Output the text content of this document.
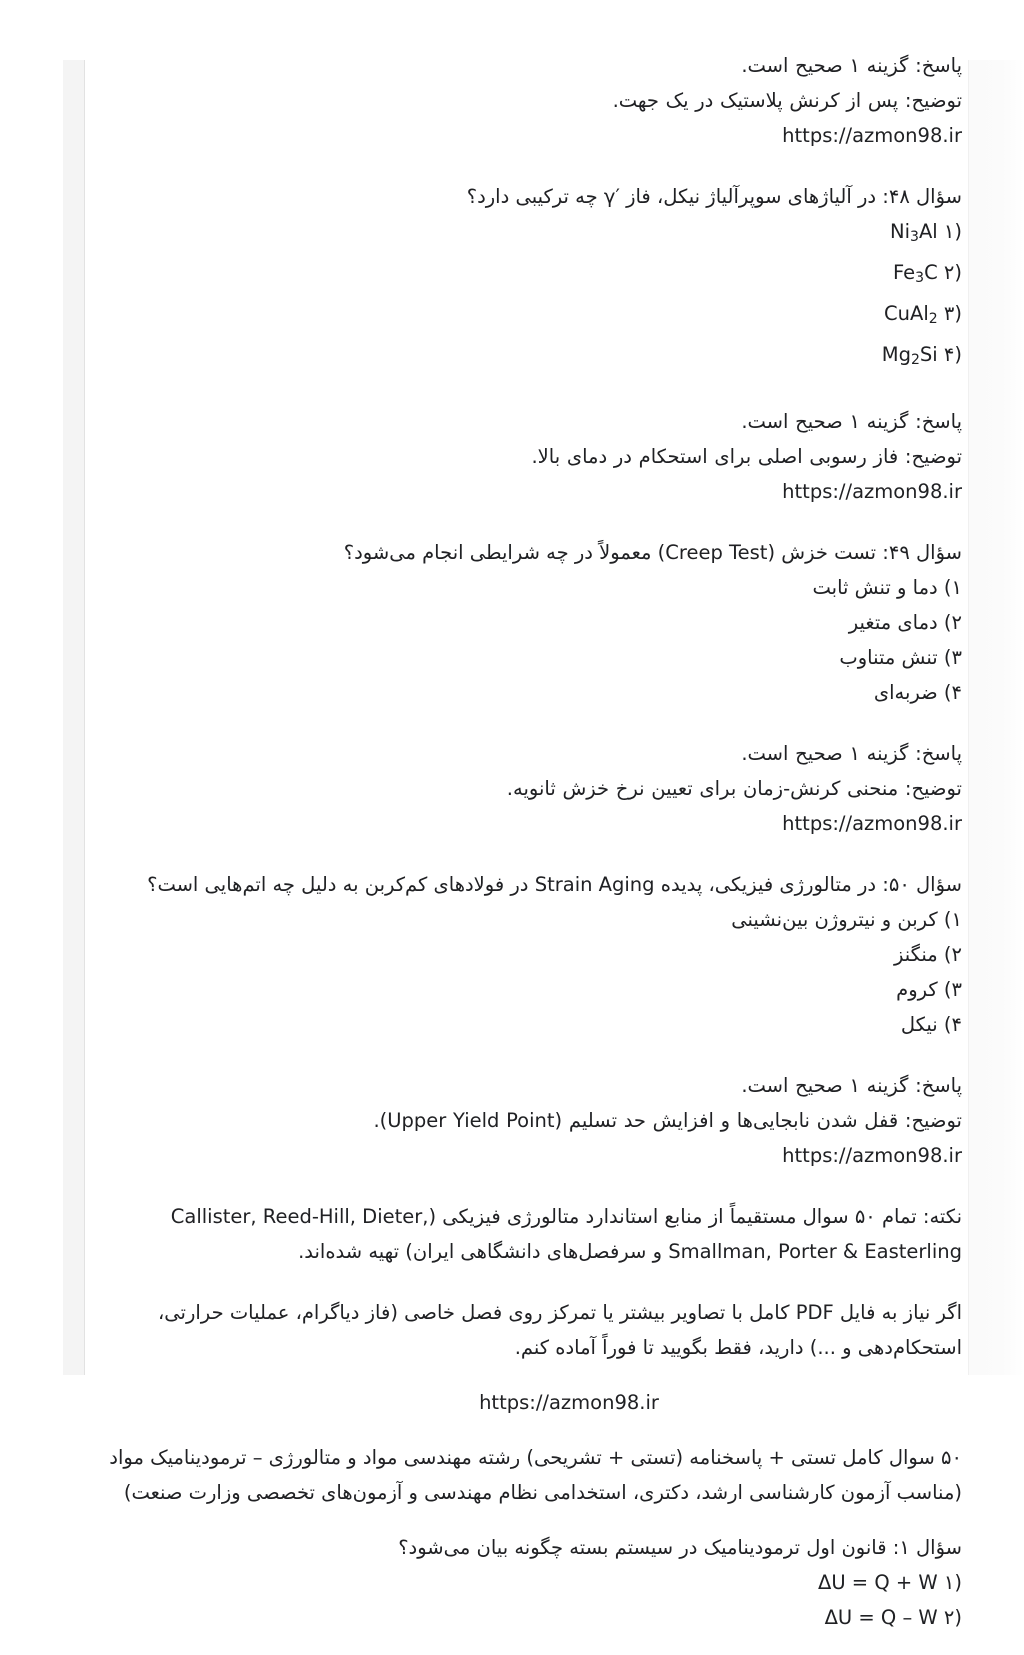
پاسخ: گزینه ۱ صحیح است.
توضیح: پس از کرنش پلاستیک در یک جهت.
https://azmon98.ir
سؤال ۴۸: در آلیاژهای سوپرآلیاژ نیکل، فاز ′γ چه ترکیبی دارد؟
$Ni_3Al$ ۱)
$Fe_3C$ ۲)
CuAl$_2$ ۳)
$Mg_2Si$ ۴)
پاسخ: گزینه ۱ صحیح است.
توضیح: فاز رسوبی اصلی برای استحکام در دمای بالا.
https://azmon98.ir
سؤال ۴۹: تست خزش (Creep Test) معمولاً در چه شرایطی انجام می‌شود؟
۱) دما و تنش ثابت
۲) دمای متغیر
۳) تنش متناوب
۴) ضربه‌ای
پاسخ: گزینه ۱ صحیح است.
توضیح: منحنی کرنش-زمان برای تعیین نرخ خزش ثانویه.
https://azmon98.ir
سؤال ۵۰: در متالورژی فیزیکی، پدیده Strain Aging در فولادهای کم‌کربن به دلیل چه اتم‌هایی است؟
۱) کربن و نیتروژن بین‌نشینی
۲) منگنز
۳) کروم
۴) نیکل
پاسخ: گزینه ۱ صحیح است.
توضیح: قفل شدن نابجایی‌ها و افزایش حد تسلیم (Upper Yield Point).
https://azmon98.ir
نکته: تمام ۵۰ سوال مستقیماً از منابع استاندارد متالورژی فیزیکی (Callister, Reed-Hill, Dieter, Smallman, Porter & Easterling و سرفصل‌های دانشگاهی ایران) تهیه شده‌اند.
اگر نیاز به فایل PDF کامل با تصاویر بیشتر یا تمرکز روی فصل خاصی (فاز دیاگرام، عملیات حرارتی، استحکام‌دهی و ...) دارید، فقط بگویید تا فوراً آماده کنم.
https://azmon98.ir
۵۰ سوال کامل تستی + پاسخنامه (تستی + تشریحی) رشته مهندسی مواد و متالورژی – ترمودینامیک مواد
(مناسب آزمون کارشناسی ارشد، دکتری، استخدامی نظام مهندسی و آزمون‌های تخصصی وزارت صنعت)
سؤال ۱: قانون اول ترمودینامیک در سیستم بسته چگونه بیان می‌شود؟
ΔU = Q + W ۱)
ΔU = Q – W ۲)
